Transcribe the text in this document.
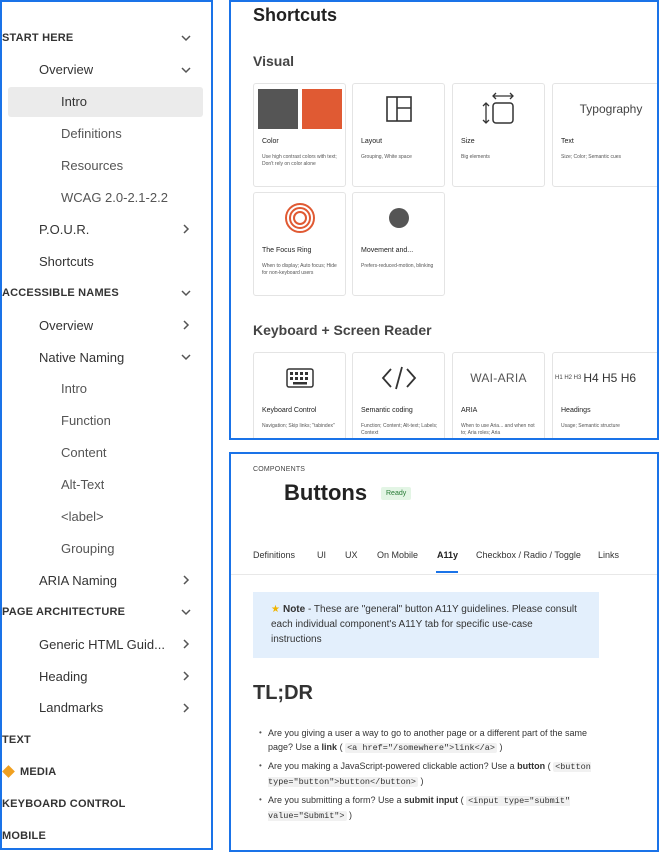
START HERE
Overview
Intro
Definitions
Resources
WCAG 2.0-2.1-2.2
P.O.U.R.
Shortcuts
ACCESSIBLE NAMES
Overview
Native Naming
Intro
Function
Content
Alt-Text
<label>
Grouping
ARIA Naming
PAGE ARCHITECTURE
Generic HTML Guid...
Heading
Landmarks
TEXT
MEDIA
KEYBOARD CONTROL
MOBILE
Shortcuts
Visual
Color
Use high contrast colors with text; Don't rely on color alone
Layout
Grouping, White space
Size
Big elements
Typography
Text
Size; Color; Semantic cues
The Focus Ring
When to display; Auto focus; Hide for non-keyboard users
Movement and...
Prefers-reduced-motion, blinking
Keyboard + Screen Reader
Keyboard Control
Navigation; Skip links; "tabindex"
Semantic coding
Function; Content; Alt-text; Labels; Context
WAI-ARIA
ARIA
When to use Aria... and when not to; Aria roles; Aria
H1 H2 H3 H4 H5 H6
Headings
Usage; Semantic structure
COMPONENTS
Buttons	Ready
Definitions UI UX On Mobile A11y Checkbox / Radio / Toggle Links
★ Note - These are "general" button A11Y guidelines. Please consult each individual component's A11Y tab for specific use-case instructions
TL;DR
• Are you giving a user a way to go to another page or a different part of the same page? Use a link ( <a href="/somewhere">link</a> )
• Are you making a JavaScript-powered clickable action? Use a button ( <button type="button">button</button> )
• Are you submitting a form? Use a submit input ( <input type="submit" value="Submit"> )
